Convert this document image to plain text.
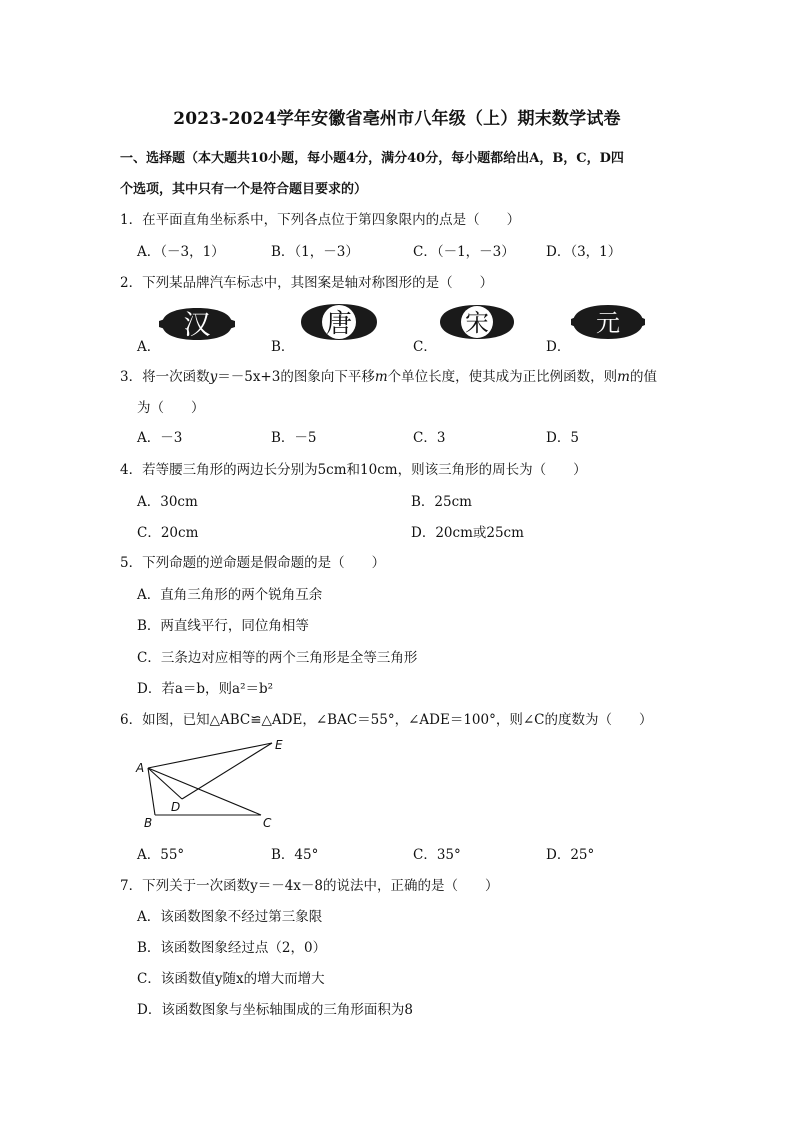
2023-2024学年安徽省亳州市八年级（上）期末数学试卷
一、选择题（本大题共10小题，每小题4分，满分40分，每小题都给出A，B，C，D四
个选项，其中只有一个是符合题目要求的）
1．在平面直角坐标系中，下列各点位于第四象限内的点是（　　）
A．（－3，1）	B．（1，－3）	C．（－1，－3） D．（3，1）
2．下列某品牌汽车标志中，其图案是轴对称图形的是（　　）
A．	B．	C．	D．
汉	唐	宋	元
3．将一次函数y＝－5x+3的图象向下平移m个单位长度，使其成为正比例函数，则m的值
为（　　）
A．－3	B．－5	C．3	D．5
4．若等腰三角形的两边长分别为5cm和10cm，则该三角形的周长为（　　）
A．30cm	B．25cm
C．20cm	D．20cm或25cm
5．下列命题的逆命题是假命题的是（　　）
A．直角三角形的两个锐角互余
B．两直线平行，同位角相等
C．三条边对应相等的两个三角形是全等三角形
D．若a＝b，则a²＝b²
6．如图，已知△ABC≌△ADE，∠BAC＝55°，∠ADE＝100°，则∠C的度数为（　　）
A
B	C
D
E
A．55°	B．45°	C．35°	D．25°
7．下列关于一次函数y＝－4x－8的说法中，正确的是（　　）
A．该函数图象不经过第三象限
B．该函数图象经过点（2，0）
C．该函数值y随x的增大而增大
D．该函数图象与坐标轴围成的三角形面积为8
